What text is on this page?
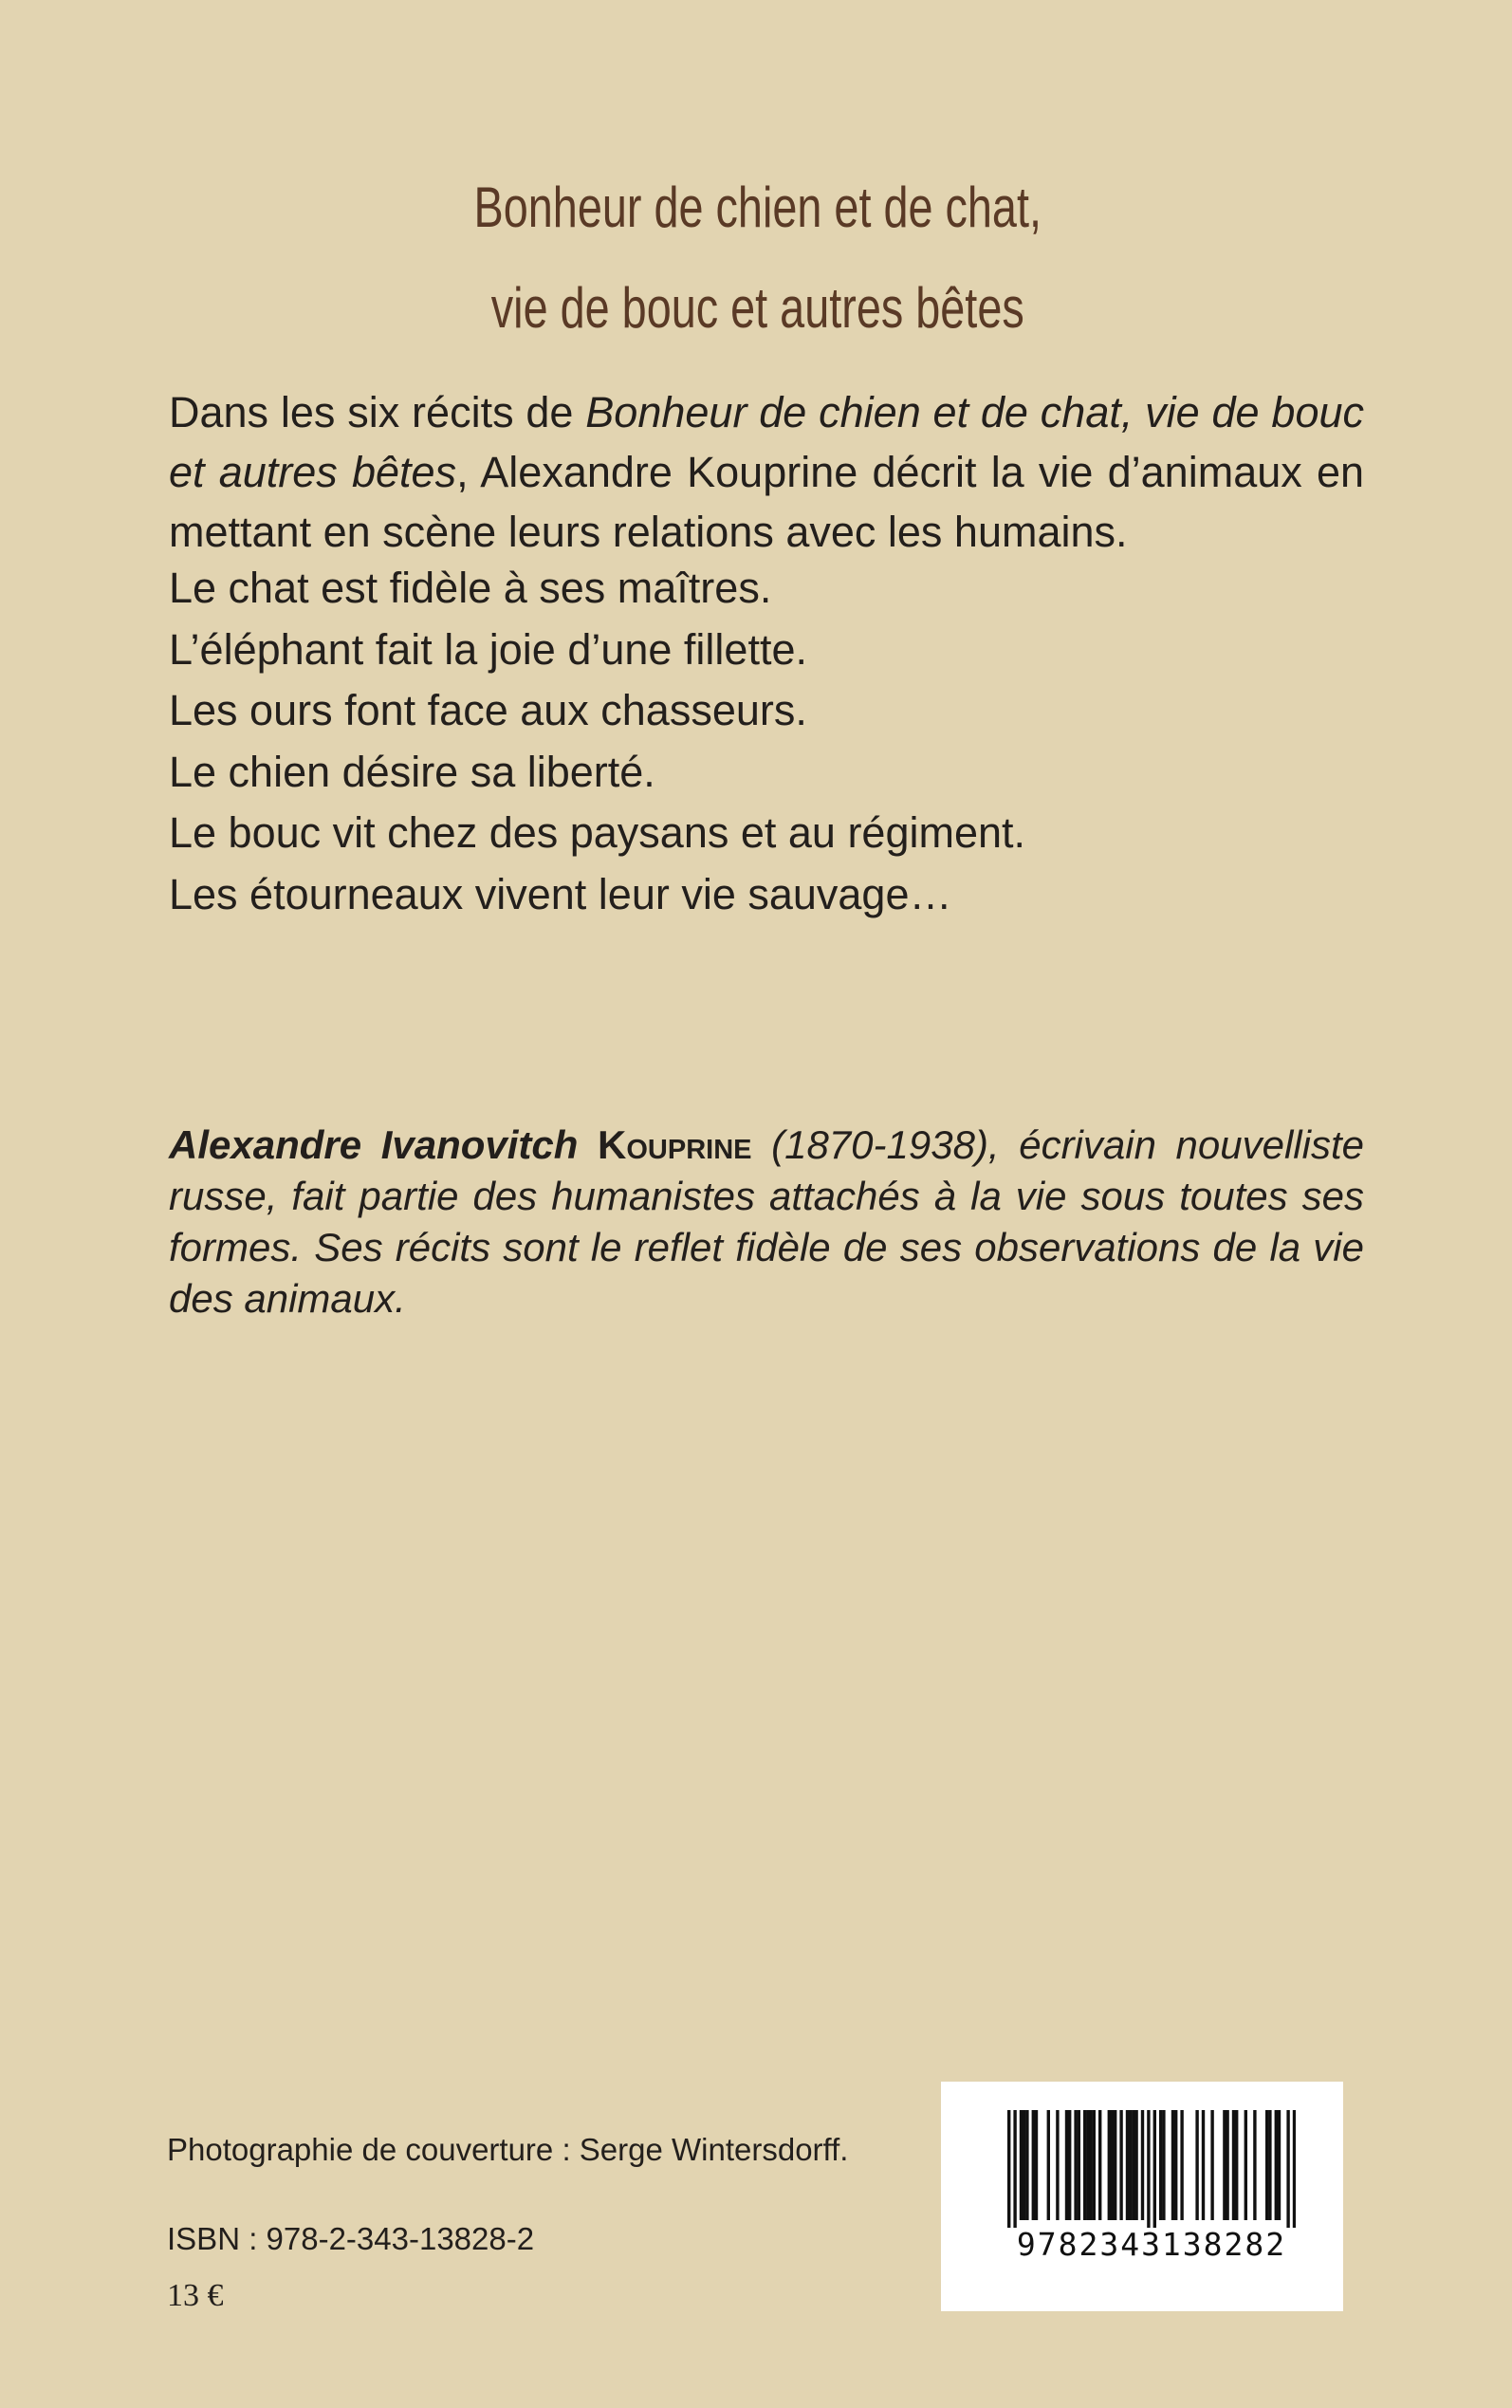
Bonheur de chien et de chat,
vie de bouc et autres bêtes

Dans les six récits de Bonheur de chien et de chat, vie de bouc et autres bêtes, Alexandre Kouprine décrit la vie d’animaux en mettant en scène leurs relations avec les humains.

Le chat est fidèle à ses maîtres.
L’éléphant fait la joie d’une fillette.
Les ours font face aux chasseurs.
Le chien désire sa liberté.
Le bouc vit chez des paysans et au régiment.
Les étourneaux vivent leur vie sauvage…
Alexandre Ivanovitch Kouprine (1870-1938), écrivain nouvelliste russe, fait partie des humanistes attachés à la vie sous toutes ses formes. Ses récits sont le reflet fidèle de ses observations de la vie des animaux.
Photographie de couverture : Serge Wintersdorff.
ISBN : 978-2-343-13828-2
13 €
9782343138282
